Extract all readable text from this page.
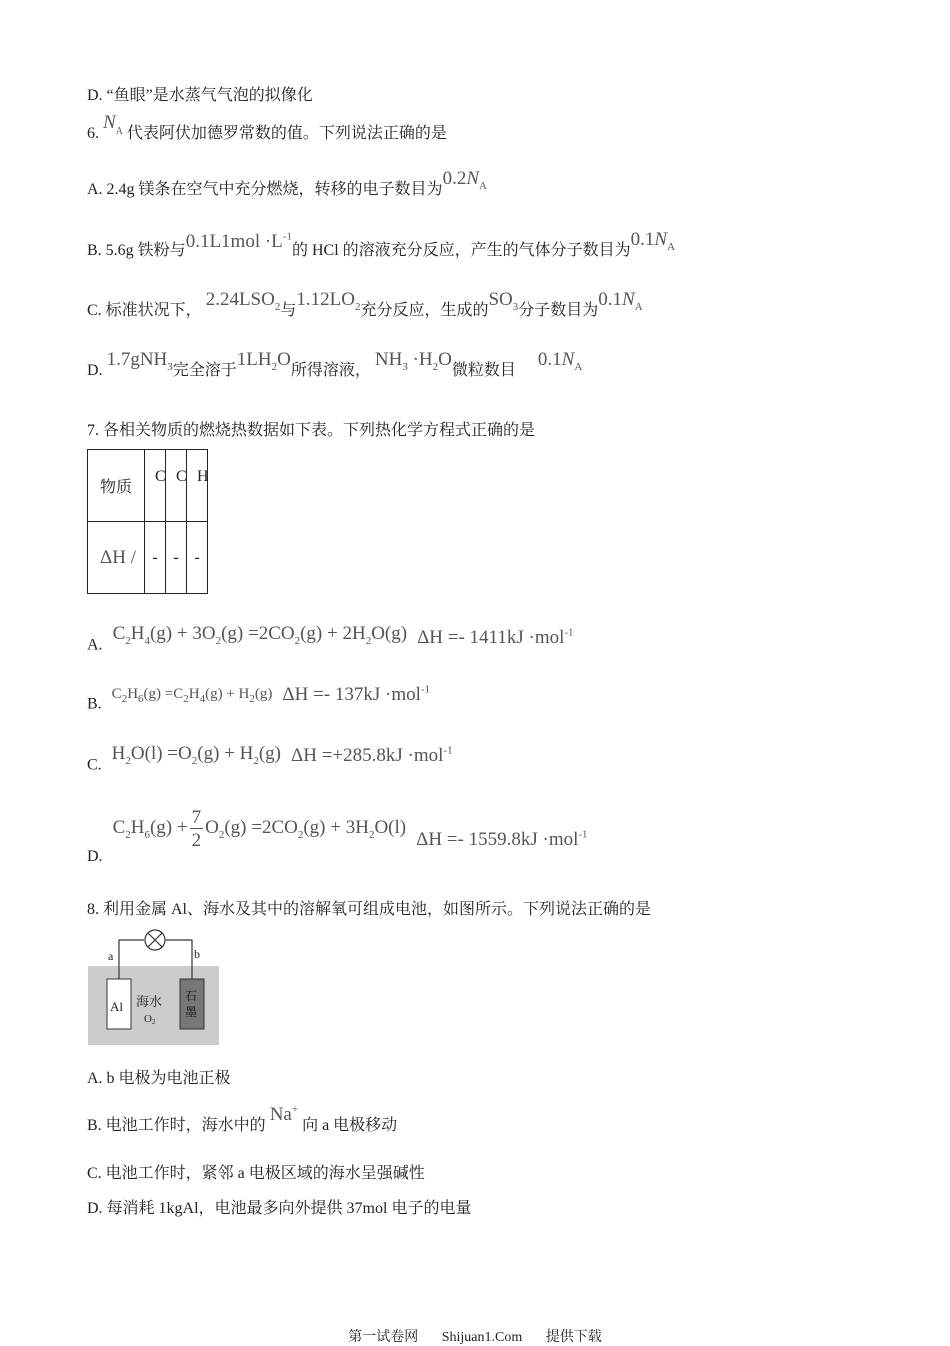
D. “鱼眼”是水蒸气气泡的拟像化
6. $N_A$ 代表阿伏加德罗常数的值。下列说法正确的是
A. 2.4g 镁条在空气中充分燃烧，转移的电子数目为$0.2N_A$
B. 5.6g 铁粉与$0.1L1mol \cdot L^{-1}$的 HCl 的溶液充分反应，产生的气体分子数目为$0.1N_A$
C. 标准状况下， $2.24LSO_2$与$1.12LO_2$充分反应，生成的$SO_3$分子数目为$0.1N_A$
D. 1.7gNH$_3$完全溶于$1LH_2O$所得溶液， $NH_3 \cdot H_2O$微粒数目 $0.1N_A$
7. 各相关物质的燃烧热数据如下表。下列热化学方程式正确的是
物质	C	C	H

ΔH /	-	-	-
A. $C_2H_4(g) + 3O_2(g) =2CO_2(g) + 2H_2O(g) \Delta H =- 1411kJ \cdot mol^{-1}$
B. $C_2H_6(g) =C_2H_4(g) + H_2(g) \Delta H =- 137kJ \cdot mol^{-1}$
C. $H_2O(l) =O_2(g) + H_2(g)$ ΔH =+285.8kJ ·mol$^{-1}$
D. $C_2H_6(g) + \frac{7}{2} O_2(g) =2CO_2(g) + 3H_2O(l) \Delta H =- 1559.8kJ \cdot mol^{-1}$
8. 利用金属 Al、海水及其中的溶解氧可组成电池，如图所示。下列说法正确的是
a	b
Al 海水
O2
石
墨
A. b 电极为电池正极
B. 电池工作时，海水中的Na+向 a 电极移动
C. 电池工作时，紧邻 a 电极区域的海水呈强碱性
D. 每消耗 1kgAl，电池最多向外提供 37mol 电子的电量
第一试卷网 Shijuan1.Com 提供下载
